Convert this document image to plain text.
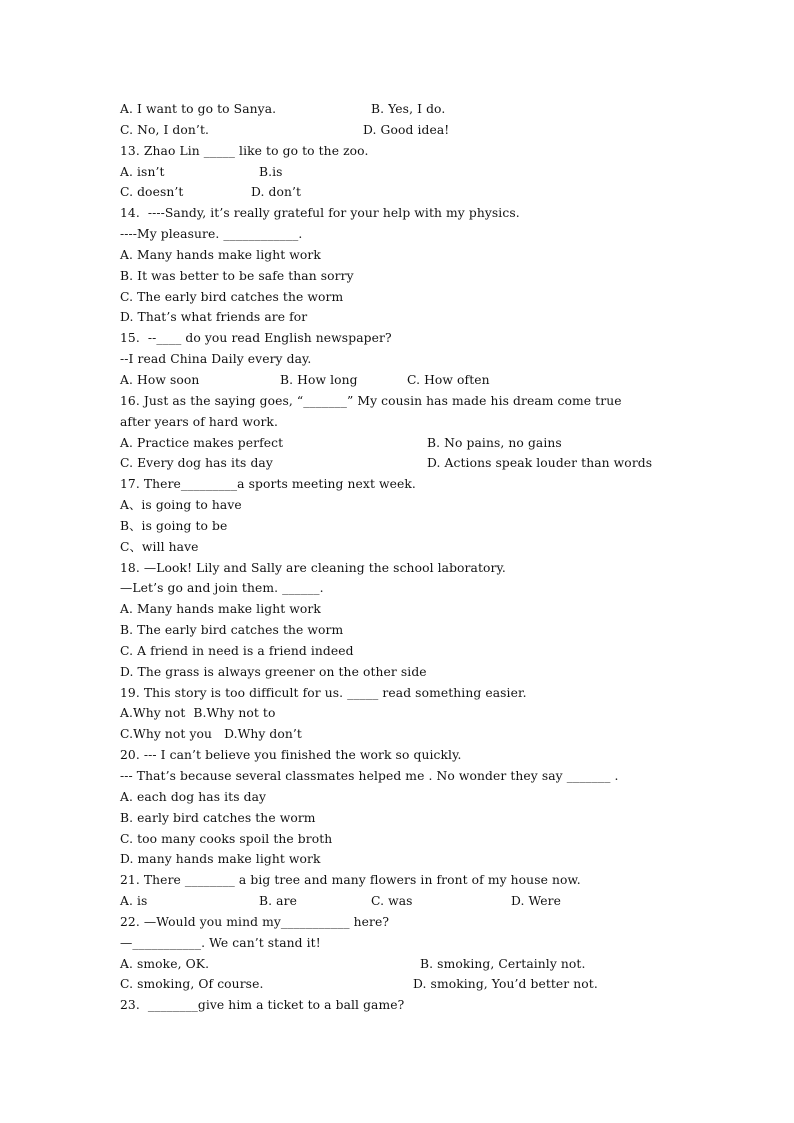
A. I want to go to Sanya.

	B. Yes, I do.

C. No, I don’t.

	D. Good idea!

13. Zhao Lin _____ like to go to the zoo.

A. isn’t

	B.is

C. doesn’t

	D. don’t

14.  ----Sandy, it’s really grateful for your help with my physics.
----My pleasure. ____________.
A. Many hands make light work
B. It was better to be safe than sorry
C. The early bird catches the worm
D. That’s what friends are for
15.  --____ do you read English newspaper?
--I read China Daily every day.

A. How soon

	B. How long

	C. How often

16. Just as the saying goes, “_______” My cousin has made his dream come true
after years of hard work.

A. Practice makes perfect

	B. No pains, no gains

C. Every dog has its day

	D. Actions speak louder than words

17. There_________a sports meeting next week.
A、is going to have
B、is going to be
C、will have
18. —Look! Lily and Sally are cleaning the school laboratory.
—Let’s go and join them. ______.
A. Many hands make light work
B. The early bird catches the worm
C. A friend in need is a friend indeed
D. The grass is always greener on the other side
19. This story is too difficult for us. _____ read something easier.
A.Why not  B.Why not to
C.Why not you   D.Why don’t
20. --- I can’t believe you finished the work so quickly.
--- That’s because several classmates helped me . No wonder they say _______ .
A. each dog has its day
B. early bird catches the worm
C. too many cooks spoil the broth
D. many hands make light work
21. There ________ a big tree and many flowers in front of my house now.

A. is

	B. are

	C. was

	D. Were

22. —Would you mind my___________ here?
—___________. We can’t stand it!

A. smoke, OK.

	B. smoking, Certainly not.

C. smoking, Of course.

	D. smoking, You’d better not.

23.  ________give him a ticket to a ball game?
